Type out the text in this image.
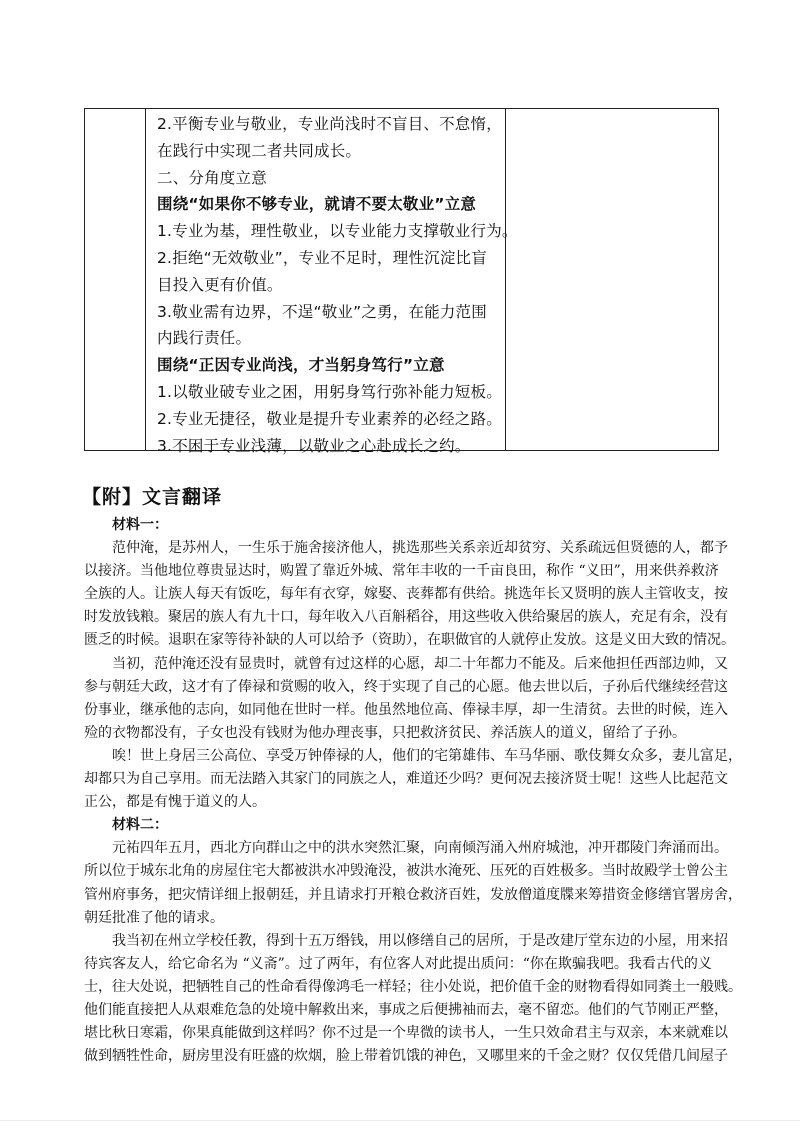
2.平衡专业与敬业，专业尚浅时不盲目、不怠惰，
在践行中实现二者共同成长。
二、分角度立意
围绕“如果你不够专业，就请不要太敬业”立意
1.专业为基，理性敬业，以专业能力支撑敬业行为。
2.拒绝“无效敬业”，专业不足时，理性沉淀比盲
目投入更有价值。
3.敬业需有边界，不逞“敬业”之勇，在能力范围
内践行责任。
围绕“正因专业尚浅，才当躬身笃行”立意
1.以敬业破专业之困，用躬身笃行弥补能力短板。
2.专业无捷径，敬业是提升专业素养的必经之路。
3.不困于专业浅薄，以敬业之心赴成长之约。
【附】文言翻译
材料一：
范仲淹，是苏州人，一生乐于施舍接济他人，挑选那些关系亲近却贫穷、关系疏远但贤德的人，都予
以接济。当他地位尊贵显达时，购置了靠近外城、常年丰收的一千亩良田，称作 “义田”，用来供养救济
全族的人。让族人每天有饭吃，每年有衣穿，嫁娶、丧葬都有供给。挑选年长又贤明的族人主管收支，按
时发放钱粮。聚居的族人有九十口，每年收入八百斛稻谷，用这些收入供给聚居的族人，充足有余，没有
匮乏的时候。退职在家等待补缺的人可以给予（资助），在职做官的人就停止发放。这是义田大致的情况。
当初，范仲淹还没有显贵时，就曾有过这样的心愿，却二十年都力不能及。后来他担任西部边帅，又
参与朝廷大政，这才有了俸禄和赏赐的收入，终于实现了自己的心愿。他去世以后，子孙后代继续经营这
份事业，继承他的志向，如同他在世时一样。他虽然地位高、俸禄丰厚，却一生清贫。去世的时候，连入
殓的衣物都没有，子女也没有钱财为他办理丧事，只把救济贫民、养活族人的道义，留给了子孙。
唉！世上身居三公高位、享受万钟俸禄的人，他们的宅第雄伟、车马华丽、歌伎舞女众多，妻儿富足，
却都只为自己享用。而无法踏入其家门的同族之人，难道还少吗？更何况去接济贤士呢！这些人比起范文
正公，都是有愧于道义的人。
材料二：
元祐四年五月，西北方向群山之中的洪水突然汇聚，向南倾泻涌入州府城池，冲开郡陵门奔涌而出。
所以位于城东北角的房屋住宅大都被洪水冲毁淹没，被洪水淹死、压死的百姓极多。当时故殿学士曾公主
管州府事务，把灾情详细上报朝廷，并且请求打开粮仓救济百姓，发放僧道度牒来筹措资金修缮官署房舍，
朝廷批准了他的请求。
我当初在州立学校任教，得到十五万缗钱，用以修缮自己的居所，于是改建厅堂东边的小屋，用来招
待宾客友人，给它命名为 “义斋”。过了两年，有位客人对此提出质问：“你在欺骗我吧。我看古代的义
士，往大处说，把牺牲自己的性命看得像鸿毛一样轻；往小处说，把价值千金的财物看得如同粪土一般贱。
他们能直接把人从艰难危急的处境中解救出来，事成之后便拂袖而去，毫不留恋。他们的气节刚正严整，
堪比秋日寒霜，你果真能做到这样吗？你不过是一个卑微的读书人，一生只效命君主与双亲，本来就难以
做到牺牲性命，厨房里没有旺盛的炊烟，脸上带着饥饿的神色，又哪里来的千金之财？仅仅凭借几间屋子
